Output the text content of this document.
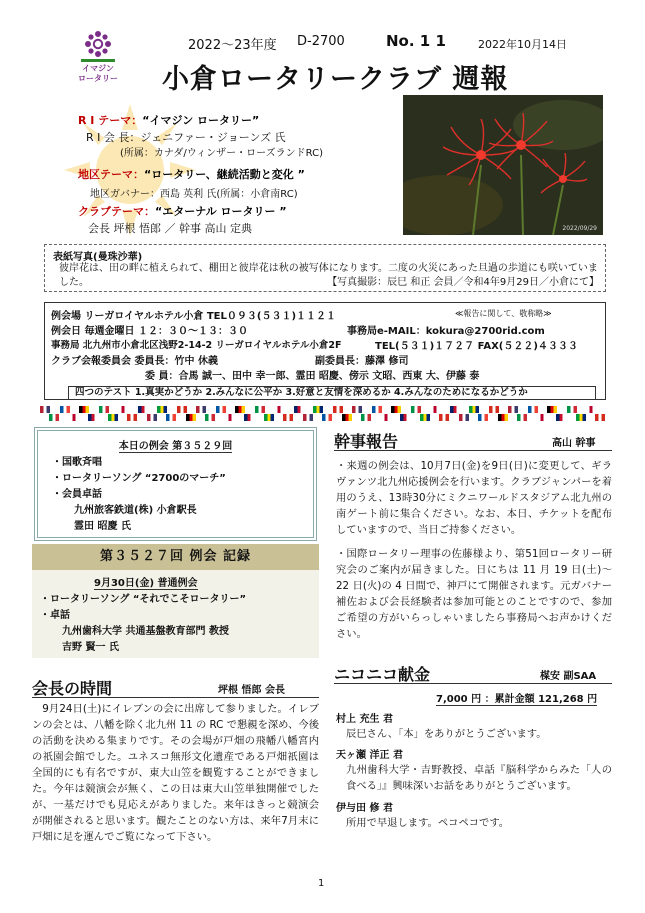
イマジン
ロータリー
2022～23年度 D-2700	No. 1 1	2022年10月14日
小倉ロータリークラブ 週報
R I テーマ：“イマジン ロータリー”
R I 会 長：ジェニファー・ジョーンズ 氏
(所属：カナダ/ウィンザー・ローズランドRC)
地区テーマ：“ロータリー、継続活動と変化 ”
地区ガバナー：西島 英利 氏(所属：小倉南RC)
クラブテーマ：“エターナル ロータリー ”
会長 坪根 悟郎 ／ 幹事 高山 定典	2022/09/29
表紙写真(曼珠沙華)
彼岸花は、田の畔に植えられて、棚田と彼岸花は秋の被写体になります。二度の火災にあった旦過の歩道にも咲いていました。	【写真撮影：辰巳 和正 会員／令和4年9月29日／小倉にて】
例会場 リーガロイヤルホテル小倉 TEL０９３(５３１)１１２１	≪報告に関して、敬称略≫
例会日 毎週金曜日 １２：３０～１３：３０	事務局e-MAIL：kokura@2700rid.com
事務局 北九州市小倉北区浅野2-14-2 リーガロイヤルホテル小倉2F	TEL(５３１)１７２７ FAX(５２２)４３３３
クラブ会報委員会 委員長：竹中 休義	副委員長：藤澤 修司
委 員：合馬 誠一、田中 幸一郎、霊田 昭慶、傍示 文昭、西東 大、伊藤 泰
四つのテスト 1.真実かどうか 2.みんなに公平か 3.好意と友情を深めるか 4.みんなのためになるかどうか
本日の例会 第３５２９回
・国歌斉唱
・ロータリーソング “2700のマーチ”
・会員卓話
九州旅客鉄道(株) 小倉駅長
霊田 昭慶 氏
第３５２７回 例会 記録
9月30日(金) 普通例会
・ロータリーソング “それでこそロータリー”
・卓話
九州歯科大学 共通基盤教育部門 教授
吉野 賢一 氏
会長の時間	坪根 悟郎 会長
9月24日(土)にイレブンの会に出席して参りました。イレブンの会とは、八幡を除く北九州 11 の RC で懇親を深め、今後の活動を決める集まりです。その会場が戸畑の飛幡八幡宮内の祇園会館でした。ユネスコ無形文化遺産である戸畑祇園は全国的にも有名ですが、東大山笠を観覧することができました。今年は競演会が無く、この日は東大山笠単独開催でしたが、一基だけでも見応えがありました。来年はきっと競演会が開催されると思います。観たことのない方は、来年7月末に戸畑に足を運んでご覧になって下さい。
幹事報告	高山 幹事
・来週の例会は、10月7日(金)を9日(日)に変更して、ギラヴァンツ北九州応援例会を行います。クラブジャンパーを着用のうえ、13時30分にミクニワールドスタジアム北九州の南ゲート前に集合ください。なお、本日、チケットを配布していますので、当日ご持参ください。
・国際ロータリー理事の佐藤様より、第51回ロータリー研究会のご案内が届きました。日にちは 11 月 19 日(土)～22 日(火)の 4 日間で、神戸にて開催されます。元ガバナー補佐および会長経験者は参加可能とのことですので、参加ご希望の方がいらっしゃいましたら事務局へお声かけください。
ニコニコ献金	楳安 副SAA
7,000 円 ：累計金額 121,268 円
村上 充生 君
辰巳さん、「本」をありがとうございます。
天ヶ瀬 洋正 君
九州歯科大学・吉野教授、卓話『脳科学からみた「人の食べる」』興味深いお話をありがとうございます。
伊与田 修 君
所用で早退します。ペコペコです。
1
